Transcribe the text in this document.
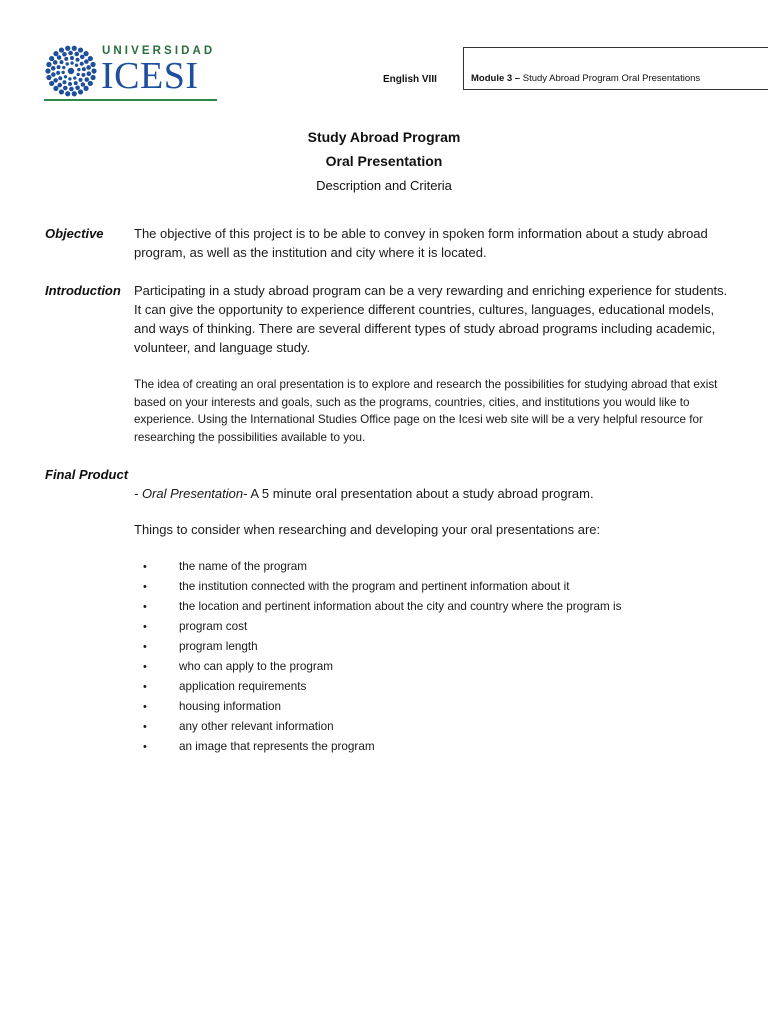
UNIVERSIDAD
ICESI	English VIII	Module 3 – Study Abroad Program Oral Presentations
Study Abroad Program
Oral Presentation
Description and Criteria
Objective The objective of this project is to be able to convey in spoken form information about a study abroad program, as well as the institution and city where it is located.
Introduction Participating in a study abroad program can be a very rewarding and enriching experience for students. It can give the opportunity to experience different countries, cultures, languages, educational models, and ways of thinking. There are several different types of study abroad programs including academic, volunteer, and language study.
The idea of creating an oral presentation is to explore and research the possibilities for studying abroad that exist based on your interests and goals, such as the programs, countries, cities, and institutions you would like to experience. Using the International Studies Office page on the Icesi web site will be a very helpful resource for researching the possibilities available to you.
Final Product
- Oral Presentation- A 5 minute oral presentation about a study abroad program.
Things to consider when researching and developing your oral presentations are:
•	the name of the program
•	the institution connected with the program and pertinent information about it
•	the location and pertinent information about the city and country where the program is
•	program cost
•	program length
•	who can apply to the program
•	application requirements
•	housing information
•	any other relevant information
•	an image that represents the program
